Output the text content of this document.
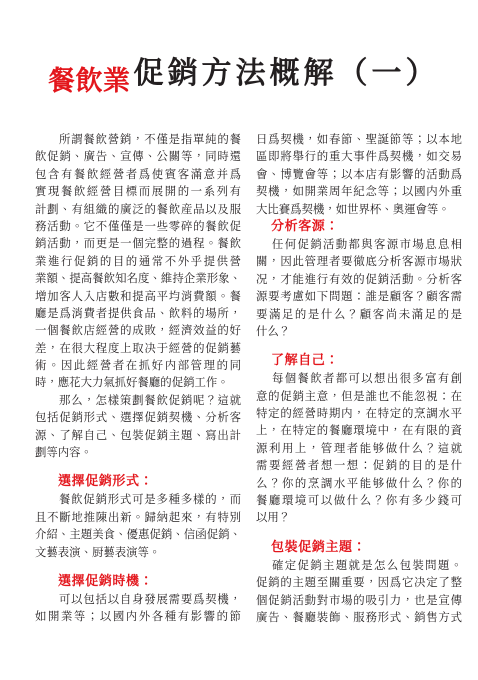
餐飲業 促銷方法概解（一）
所謂餐飲營銷，不僅是指單純的餐
飲促銷、廣告、宣傳、公關等，同時還
包含有餐飲經營者爲使賓客滿意并爲
實現餐飲經營目標而展開的一系列有
計劃、有組織的廣泛的餐飲産品以及服
務活動。它不僅僅是一些零碎的餐飲促
銷活動，而更是一個完整的過程。餐飲
業進行促銷的目的通常不外乎提供營
業額、提高餐飲知名度、維持企業形象、
增加客人入店數和提高平均消費額。餐
廳是爲消費者提供食品、飲料的場所，
一個餐飲店經營的成敗，經濟效益的好
差，在很大程度上取决于經營的促銷藝
術。因此經營者在抓好内部管理的同
時，應花大力氣抓好餐廳的促銷工作。
那么，怎樣策劃餐飲促銷呢？這就
包括促銷形式、選擇促銷契機、分析客
源、了解自己、包裝促銷主題、寫出計
劃等内容。
選擇促銷形式：
餐飲促銷形式可是多種多樣的，而
且不斷地推陳出新。歸納起來，有特別
介紹、主題美食、優惠促銷、信函促銷、
文藝表演、厨藝表演等。
選擇促銷時機：
可以包括以自身發展需要爲契機，
如開業等；以國内外各種有影響的節
日爲契機，如春節、聖誕節等；以本地
區即將舉行的重大事件爲契機，如交易
會、博覽會等；以本店有影響的活動爲
契機，如開業周年紀念等；以國内外重
大比賽爲契機，如世界杯、奧運會等。
分析客源：
任何促銷活動都與客源市場息息相
關，因此管理者要徹底分析客源市場狀
况，才能進行有效的促銷活動。分析客
源要考慮如下問題：誰是顧客？顧客需
要滿足的是什么？顧客尚未滿足的是
什么？
了解自己：
每個餐飲者都可以想出很多富有創
意的促銷主意，但是誰也不能忽視：在
特定的經營時期内，在特定的烹調水平
上，在特定的餐廳環境中，在有限的資
源利用上，管理者能够做什么？這就
需要經營者想一想：促銷的目的是什
么？你的烹調水平能够做什么？你的
餐廳環境可以做什么？你有多少錢可
以用？
包裝促銷主題：
確定促銷主題就是怎么包裝問題。
促銷的主題至關重要，因爲它决定了整
個促銷活動對市場的吸引力，也是宣傳
廣告、餐廳裝飾、服務形式、銷售方式
